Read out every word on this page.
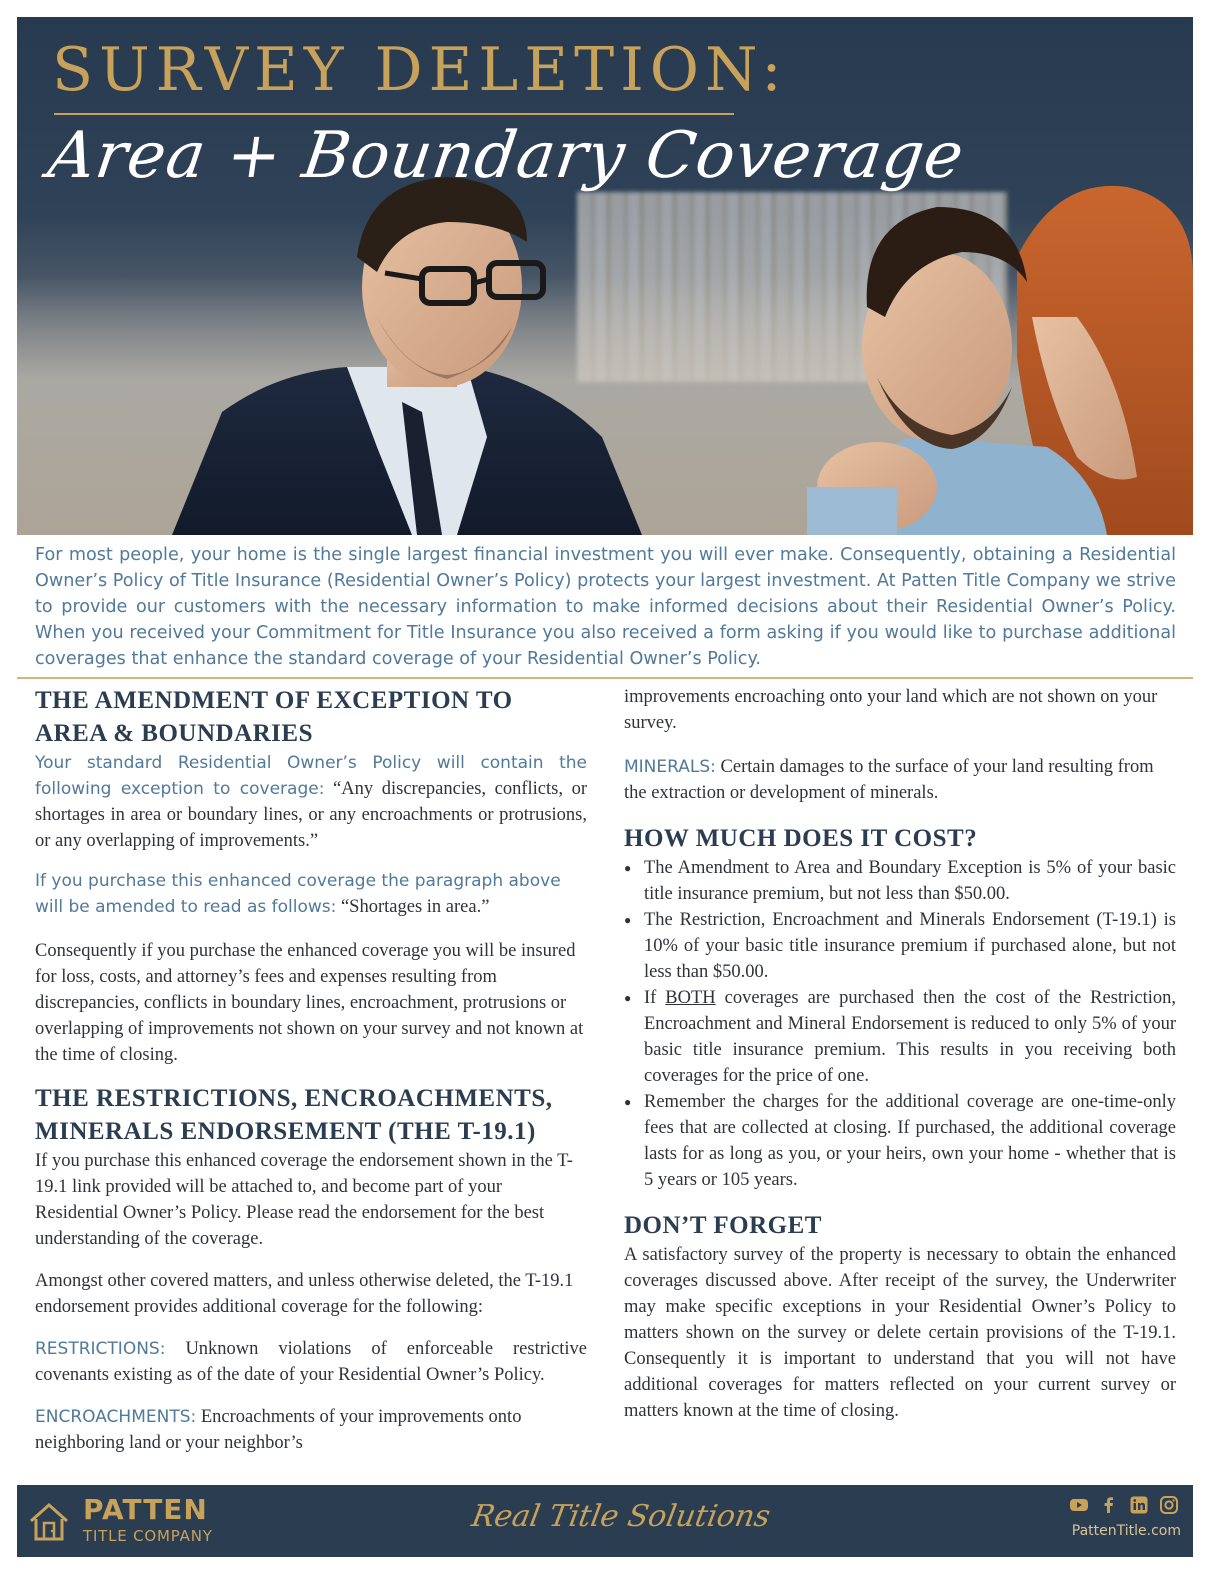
SURVEY DELETION:

Area + Boundary Coverage

For most people, your home is the single largest financial investment you will ever make. Consequently, obtaining a Residential Owner’s Policy of Title Insurance (Residential Owner’s Policy) protects your largest investment. At Patten Title Company we strive to provide our customers with the necessary information to make informed decisions about their Residential Owner’s Policy. When you received your Commitment for Title Insurance you also received a form asking if you would like to purchase additional coverages that enhance the standard coverage of your Residential Owner’s Policy.

THE AMENDMENT OF EXCEPTION TO
AREA & BOUNDARIES

Your standard Residential Owner’s Policy will contain the following exception to coverage: “Any discrepancies, conflicts, or shortages in area or boundary lines, or any encroachments or protrusions, or any overlapping of improvements.”

If you purchase this enhanced coverage the paragraph above will be amended to read as follows: “Shortages in area.”

Consequently if you purchase the enhanced coverage you will be insured for loss, costs, and attorney’s fees and expenses resulting from discrepancies, conflicts in boundary lines, encroachment, protrusions or overlapping of improvements not shown on your survey and not known at the time of closing.

THE RESTRICTIONS, ENCROACHMENTS,
MINERALS ENDORSEMENT (THE T-19.1)

If you purchase this enhanced coverage the endorsement shown in the T-19.1 link provided will be attached to, and become part of your Residential Owner’s Policy. Please read the endorsement for the best understanding of the coverage.

Amongst other covered matters, and unless otherwise deleted, the T-19.1 endorsement provides additional coverage for the following:

RESTRICTIONS: Unknown violations of enforceable restrictive covenants existing as of the date of your Residential Owner’s Policy.

ENCROACHMENTS: Encroachments of your improvements onto neighboring land or your neighbor’s

improvements encroaching onto your land which are not shown on your survey.

MINERALS: Certain damages to the surface of your land resulting from the extraction or development of minerals.

HOW MUCH DOES IT COST?
● The Amendment to Area and Boundary Exception is 5% of your basic title insurance premium, but not less than $50.00.
● The Restriction, Encroachment and Minerals Endorsement (T-19.1) is 10% of your basic title insurance premium if purchased alone, but not less than $50.00.
● If BOTH coverages are purchased then the cost of the Restriction, Encroachment and Mineral Endorsement is reduced to only 5% of your basic title insurance premium. This results in you receiving both coverages for the price of one.
● Remember the charges for the additional coverage are one-time-only fees that are collected at closing. If purchased, the additional coverage lasts for as long as you, or your heirs, own your home - whether that is 5 years or 105 years.
DON’T FORGET

A satisfactory survey of the property is necessary to obtain the enhanced coverages discussed above. After receipt of the survey, the Underwriter may make specific exceptions in your Residential Owner’s Policy to matters shown on the survey or delete certain provisions of the T-19.1. Consequently it is important to understand that you will not have additional coverages for matters reflected on your current survey or matters known at the time of closing.

PATTEN

TITLE COMPANY

Real Title Solutions	PattenTitle.com
